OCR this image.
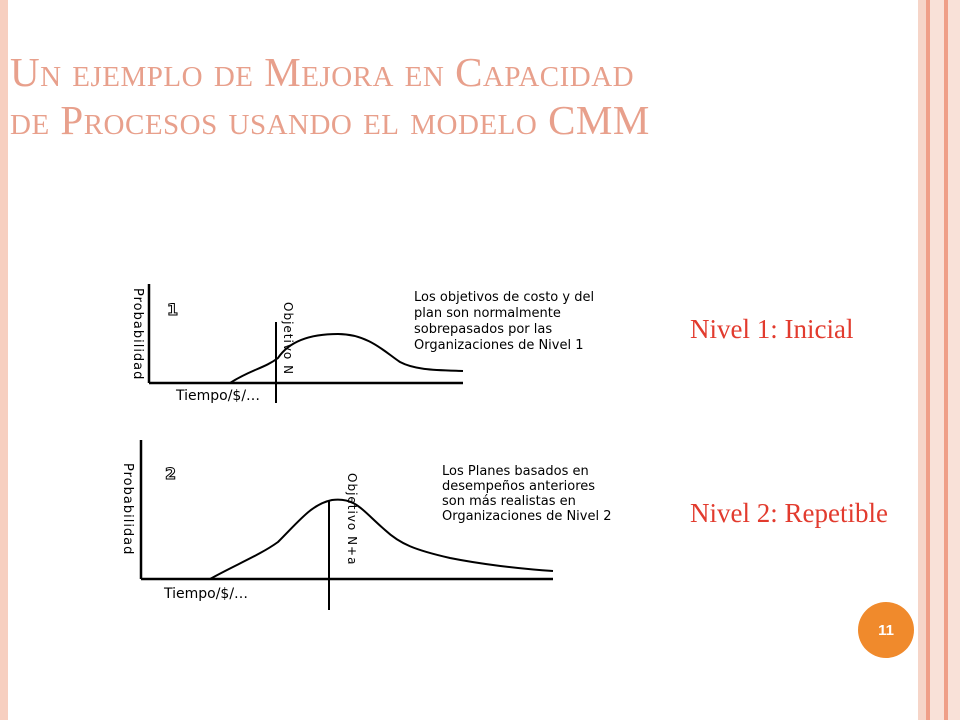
Un ejemplo de Mejora en Capacidad
de Procesos usando el modelo CMM
Probabilidad 1	Objetivo N
Tiempo/$/…
Los objetivos de costo y del plan son normalmente sobrepasados por las Organizaciones de Nivel 1
Probabilidad 2	Objetivo N+a
Tiempo/$/…
Los Planes basados en desempeños anteriores son más realistas en Organizaciones de Nivel 2
Nivel 1: Inicial
Nivel 2: Repetible
11
